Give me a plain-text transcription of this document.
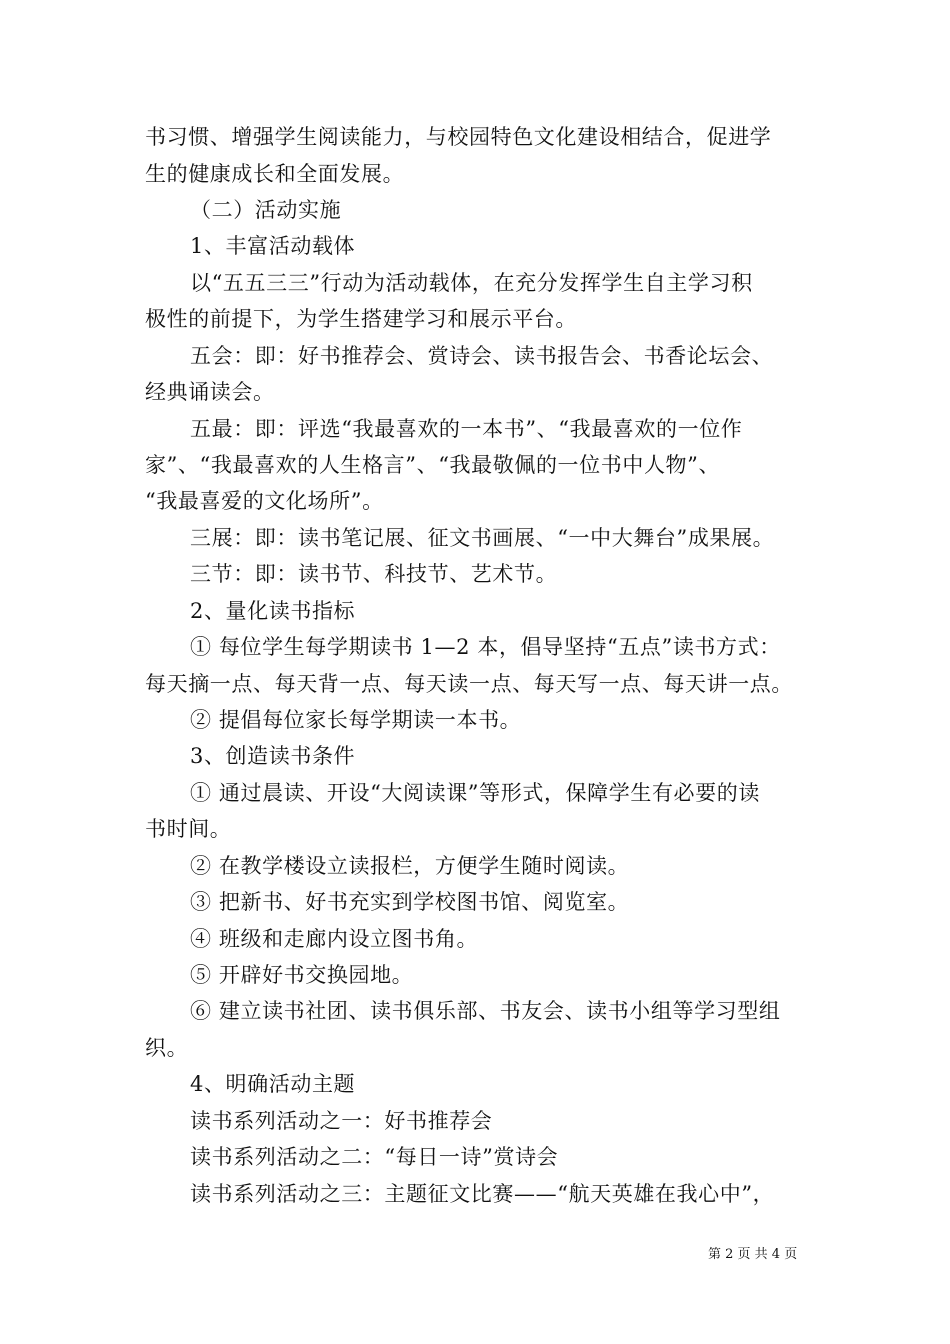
书习惯、增强学生阅读能力，与校园特色文化建设相结合，促进学
生的健康成长和全面发展。
（二）活动实施
1、丰富活动载体
以“五五三三”行动为活动载体，在充分发挥学生自主学习积
极性的前提下，为学生搭建学习和展示平台。
五会：即：好书推荐会、赏诗会、读书报告会、书香论坛会、
经典诵读会。
五最：即：评选“我最喜欢的一本书”、“我最喜欢的一位作
家”、“我最喜欢的人生格言”、“我最敬佩的一位书中人物”、
“我最喜爱的文化场所”。
三展：即：读书笔记展、征文书画展、“一中大舞台”成果展。
三节：即：读书节、科技节、艺术节。
2、量化读书指标
① 每位学生每学期读书 1—2 本，倡导坚持“五点”读书方式：
每天摘一点、每天背一点、每天读一点、每天写一点、每天讲一点。
② 提倡每位家长每学期读一本书。
3、创造读书条件
① 通过晨读、开设“大阅读课”等形式，保障学生有必要的读
书时间。
② 在教学楼设立读报栏，方便学生随时阅读。
③ 把新书、好书充实到学校图书馆、阅览室。
④ 班级和走廊内设立图书角。
⑤ 开辟好书交换园地。
⑥ 建立读书社团、读书俱乐部、书友会、读书小组等学习型组
织。
4、明确活动主题
读书系列活动之一：好书推荐会
读书系列活动之二：“每日一诗”赏诗会
读书系列活动之三：主题征文比赛——“航天英雄在我心中”，
第 2 页 共 4 页
